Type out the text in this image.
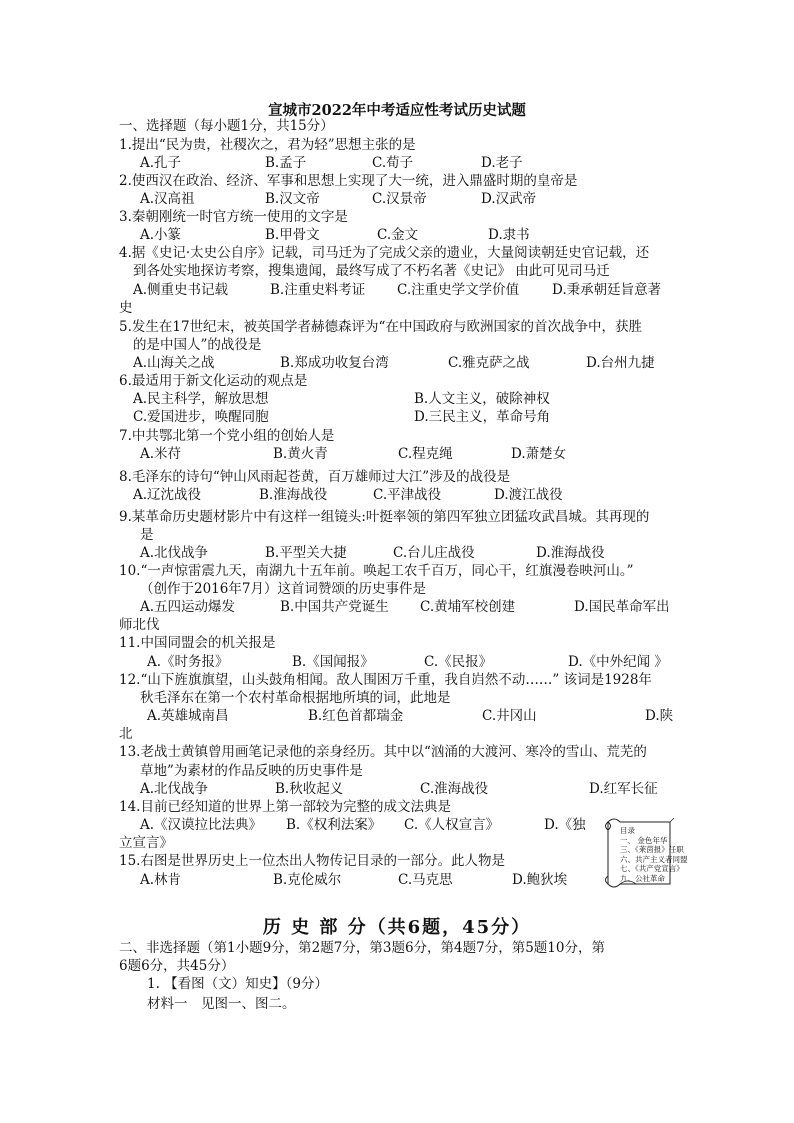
宣城市2022年中考适应性考试历史试题
一、选择题（每小题1分，共15分）
1.提出“民为贵，社稷次之，君为轻”思想主张的是
A.孔子	B.孟子	C.荀子	D.老子
2.使西汉在政治、经济、军事和思想上实现了大一统，进入鼎盛时期的皇帝是
A.汉高祖	B.汉文帝	C.汉景帝	D.汉武帝
3.秦朝刚统一时官方统一使用的文字是
A.小篆	B.甲骨文	C.金文	D.隶书
4.据《史记·太史公自序》记载，司马迁为了完成父亲的遗业，大量阅读朝廷史官记载，还
到各处实地探访考察，搜集遗闻，最终写成了不朽名著《史记》 由此可见司马迁
A.侧重史书记载	B.注重史料考证 C.注重史学文学价值 D.秉承朝廷旨意著
史
5.发生在17世纪末，被英国学者赫德森评为“在中国政府与欧洲国家的首次战争中，获胜
的是中国人”的战役是
A.山海关之战	B.郑成功收复台湾	C.雅克萨之战	D.台州九捷
6.最适用于新文化运动的观点是
A.民主科学，解放思想	B.人文主义，破除神权
C.爱国进步，唤醒同胞	D.三民主义，革命号角
7.中共鄂北第一个党小组的创始人是
A.米苻	B.黄火青	C.程克绳	D.萧楚女
8.毛泽东的诗句“钟山风雨起苍黄，百万雄师过大江”涉及的战役是
A.辽沈战役	B.淮海战役	C.平津战役	D.渡江战役
9.某革命历史题材影片中有这样一组镜头:叶挺率领的第四军独立团猛攻武昌城。其再现的
是
A.北伐战争	B.平型关大捷	C.台儿庄战役	D.淮海战役
10.“一声惊雷震九天，南湖九十五年前。唤起工农千百万，同心干，红旗漫卷映河山。”
（创作于2016年7月）这首词赞颂的历史事件是
A.五四运动爆发	B.中国共产党诞生 C.黄埔军校创建	D.国民革命军出
师北伐
11.中国同盟会的机关报是
A.《时务报》	B.《国闻报》	C.《民报》	D.《中外纪闻 》
12.“山下旌旗旗望，山头鼓角相闻。敌人围困万千重，我自岿然不动……” 该词是1928年
秋毛泽东在第一个农村革命根据地所填的词，此地是
A.英雄城南昌	B.红色首都瑞金	C.井冈山	D.陕
北
13.老战士黄镇曾用画笔记录他的亲身经历。其中以“汹涌的大渡河、寒冷的雪山、荒芜的
草地”为素材的作品反映的历史事件是
A.北伐战争	B.秋收起义	C.淮海战役	D.红军长征
14.目前已经知道的世界上第一部较为完整的成文法典是
A.《汉谟拉比法典》 B.《权利法案》 C.《人权宣言》	D.《独
立宣言》
15.右图是世界历史上一位杰出人物传记目录的一部分。此人物是
A.林肯	B.克伦威尔	C.马克思	D.鲍狄埃
目录
一、 金色年华
三、《莱茵报》任职
六、共产主义者同盟
七、《共产党宣言》
九、公社革命
历 史 部 分（共6题，45分）
二、非选择题（第1小题9分，第2题7分，第3题6分，第4题7分，第5题10分，第
6题6分，共45分）
1. 【看图（文）知史】（9分）
材料一　见图一、图二。
